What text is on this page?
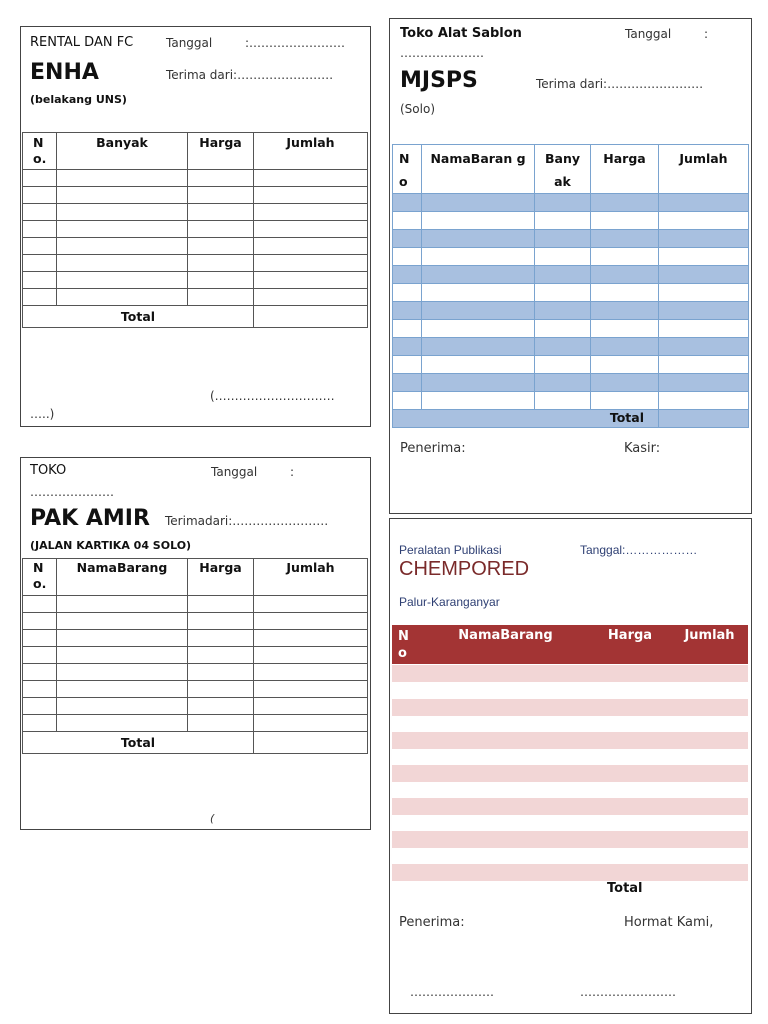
RENTAL DAN FC	Tanggal	:……………………
ENHA	Terima dari:……………………
(belakang UNS)
N o.	Banyak	Harga	Jumlah

Total			
(…………………………
…..)
Toko Alat Sablon	Tanggal	:
…………………
MJSPS	Terima dari:……………………
(Solo)
N o	NamaBaran g	Bany ak	Harga	Jumlah

Total				
Penerima:	Kasir:
TOKO	Tanggal	:
…………………
PAK AMIR Terimadari:……………………
(JALAN KARTIKA 04 SOLO)
N o.	NamaBarang	Harga	Jumlah

Total			
(
Peralatan Publikasi	Tanggal:………………
CHEMPORED
Palur-Karanganyar
N o	NamaBarang	Harga	Jumlah
Total
Penerima:	Hormat Kami,
…………………	……………………
